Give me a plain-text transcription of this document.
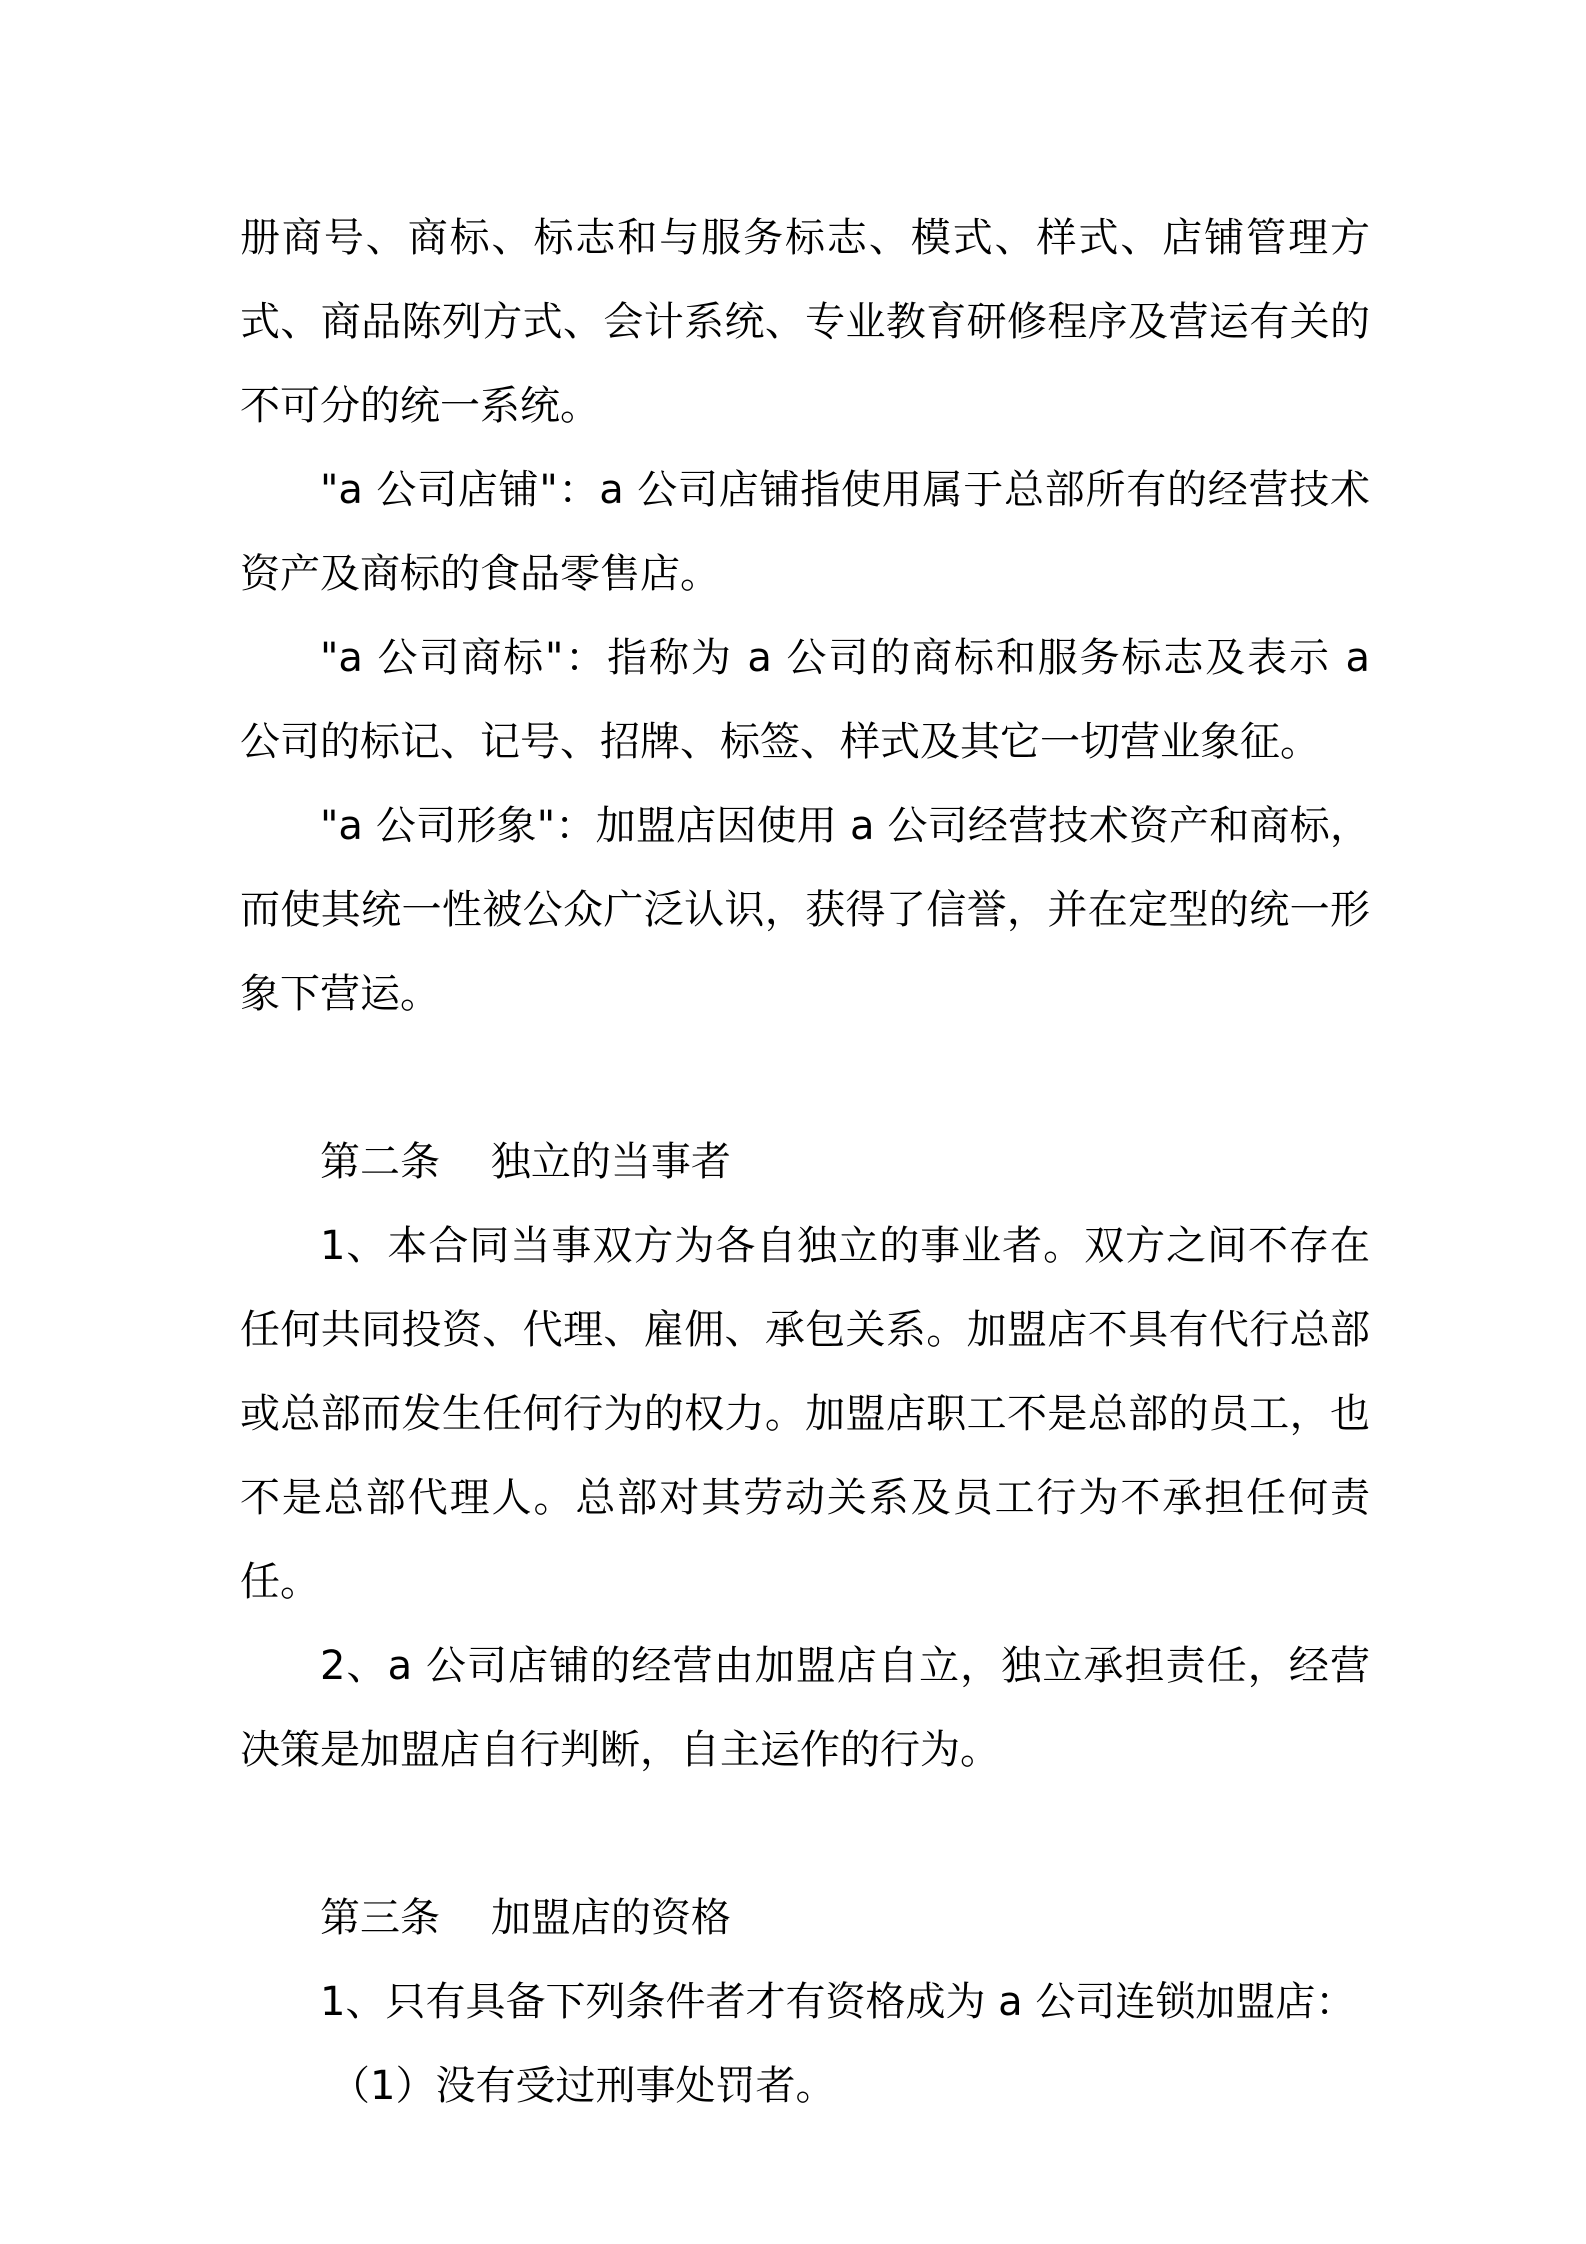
册商号、商标、标志和与服务标志、模式、样式、店铺管理方式、商品陈列方式、会计系统、专业教育研修程序及营运有关的不可分的统一系统。

"a 公司店铺"：a 公司店铺指使用属于总部所有的经营技术资产及商标的食品零售店。

"a 公司商标"：指称为 a 公司的商标和服务标志及表示 a 公司的标记、记号、招牌、标签、样式及其它一切营业象征。

"a 公司形象"：加盟店因使用 a 公司经营技术资产和商标，而使其统一性被公众广泛认识，获得了信誉，并在定型的统一形象下营运。

第二条    独立的当事者

1、本合同当事双方为各自独立的事业者。双方之间不存在任何共同投资、代理、雇佣、承包关系。加盟店不具有代行总部或总部而发生任何行为的权力。加盟店职工不是总部的员工，也不是总部代理人。总部对其劳动关系及员工行为不承担任何责任。

2、a 公司店铺的经营由加盟店自立，独立承担责任，经营决策是加盟店自行判断，自主运作的行为。

第三条    加盟店的资格

1、只有具备下列条件者才有资格成为 a 公司连锁加盟店：

（1）没有受过刑事处罚者。
